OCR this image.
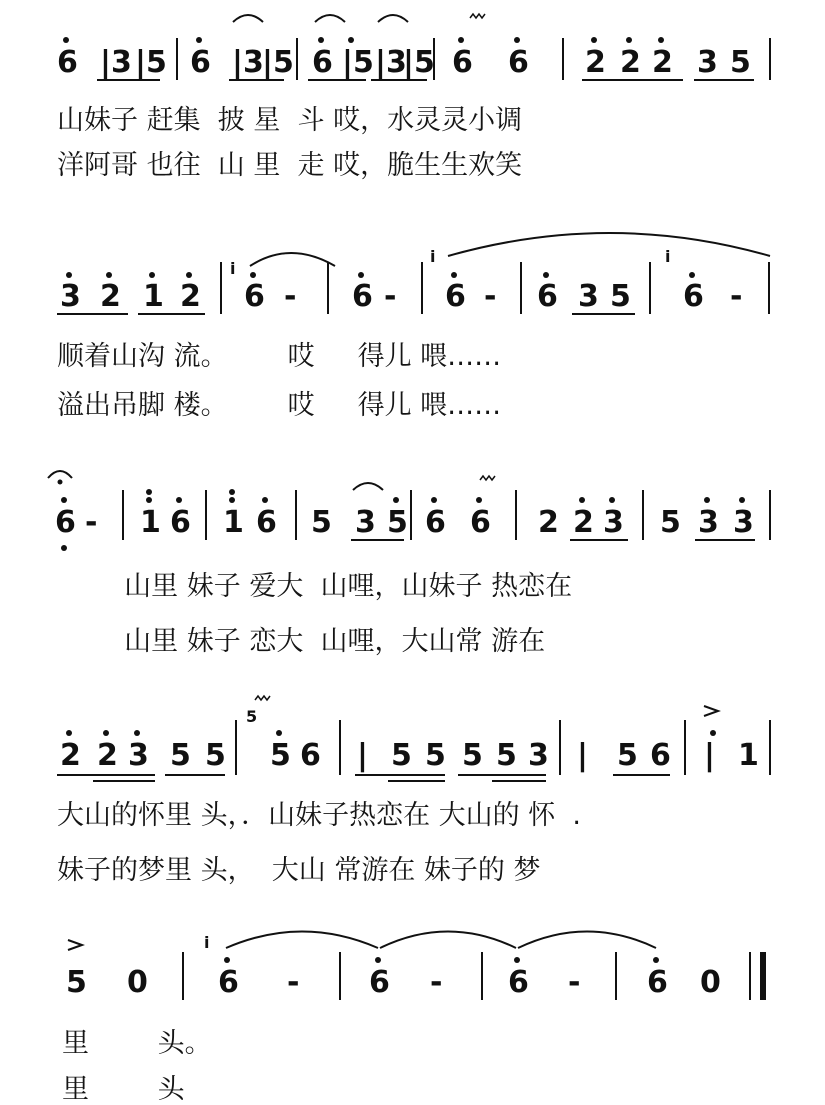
6 |3 |5 6 |3
|5 6 |5 |3
|5 6 6 2 2 2 3 5
3 2 1 2 6 - 6 - 6 - 6 3 5 6 -
i
i	i
6 - 1 6 1 6 5 3 5 6 6 2 2 3 5 3 3
2 2 3 5 5 5 6 | 5 5 5 5 3 | 5 6 | 1
5
5 0 6 - 6 - 6 - 6 0
i
山妹子 赶集  披 星  斗 哎，水灵灵小调
洋阿哥 也往  山 里  走 哎，脆生生欢笑
顺着山沟 流。       哎     得儿 喂……
溢出吊脚 楼。       哎     得儿 喂……
山里 妹子 爱大  山哩，山妹子 热恋在
山里 妹子 恋大  山哩，大山常 游在
大山的怀里 头，．山妹子热恋在 大山的 怀  .
妹子的梦里 头，  大山 常游在 妹子的 梦
里        头。
里        头
